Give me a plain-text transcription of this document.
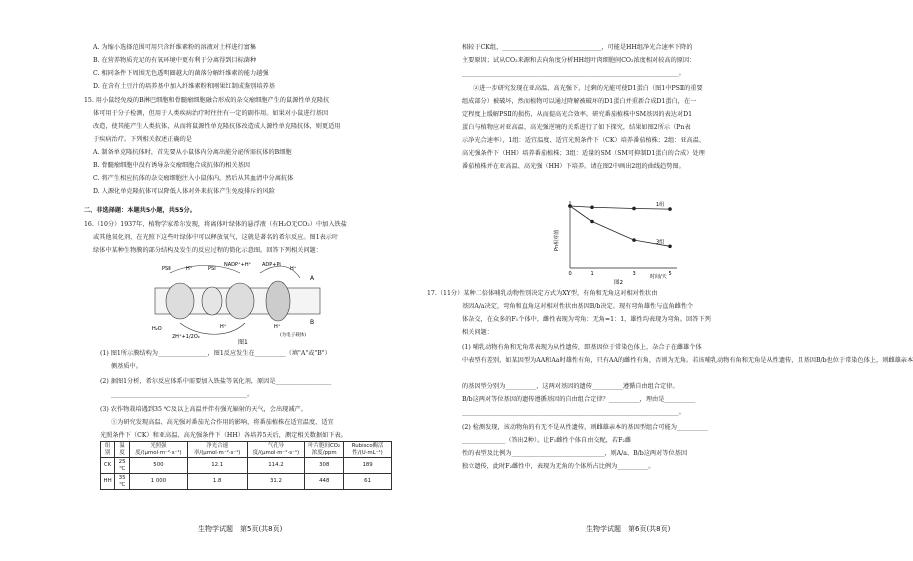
PSⅡ	H⁺	PSⅠ
NADP⁺+H⁺ ADP+Pi
H⁺
A
H₂O
2H⁺+1/2O₂
H⁺	H⁺
B
(为电子载体)
图1
组别	温度	光照强度/(μmol·m⁻²·s⁻¹)	净光合速率/(μmol·m⁻²·s⁻¹)	气孔导度/(μmol·m⁻²·s⁻¹)	叶片胞间CO₂浓度/ppm	Rubisco酶活性/(U·mL⁻¹)
CK	25 ℃	500	12.1	114.2	308	189
HH	35 ℃	1 000	1.8	31.2	448	61
Pn相对值
时间/天
图2
1组
3组
0	1	3	5
A. 为缩小选择范围可用只含纤维素粉的溶液对土样进行富集
B. 在营养物质充足的有氧环境中更有利于分离得到目标菌种
C. 相同条件下周围无色透明圈越大的菌落分解纤维素的能力越强
D. 在含有土豆汁的培养基中加入纤维素粉和刚果红制成鉴别培养基
15. 用小鼠经免疫的B淋巴细胞和骨髓瘤细胞融合形成的杂交瘤细胞产生的鼠源性单克隆抗
体可用于分子检测，但用于人类疾病治疗时往往有一定的副作用。如果对小鼠进行基因
改造，使其能产生人类抗体，从而将鼠源性单克隆抗体改造成人源性单克隆抗体，则更适用
于疾病治疗。下列相关叙述正确的是
A. 制备单克隆抗体时，首先要从小鼠体内分离出能分泌所需抗体的B细胞
B. 骨髓瘤细胞中没有诱导杂交瘤细胞合成抗体的相关基因
C. 将产生相应抗体的杂交瘤细胞注入小鼠体内，然后从其血清中分离抗体
D. 人源化单克隆抗体可以降低人体对外来抗体产生免疫排斥的风险
二、非选择题：本题共5小题，共55分。
16.（10分）1937年，植物学家希尔发现，将离体叶绿体的悬浮液（有H₂O无CO₂）中加入铁盐
或其他氧化剂，在光照下这些叶绿体中可以释放氧气，这就是著名的希尔反应。图1表示叶
绿体中某种生物膜的部分结构及发生的反应过程的简化示意图。回答下列相关问题：
(1) 图1所示膜结构为________________，图1反应发生在__________（填"A"或"B"）
侧基质中。
(2) 据图1分析，希尔反应体系中需要加入铁盐等氧化剂，原因是__________________
____________________________________________。
(3) 农作物栽培遇到35 ℃及以上高温并伴有强光辐射的天气，会出现减产。
①为研究发现高温、高光强对番茄光合作用的影响，将番茄植株在适宜温度、适宜
光照条件下（CK）和亚高温、高光强条件下（HH）各培养5天后，测定相关数据如下表。
生物学试题　第5页(共8页)
相较于CK组，________________________________，可能是HH组净光合速率下降的
主要原因；试从CO₂来源和去向角度分析HH组叶肉细胞间CO₂浓度相对较高的原因：
______________________________________________________________________。
②进一步研究发现在亚高温、高光强下，过剩的光能可使D1蛋白（图1中PSⅡ的重要
组成部分）被破坏，然而植物可以通过降解被破坏的D1蛋白并重新合成D1蛋白，在一
定程度上缓解PSⅡ的损伤，从而提高光合效率。研究番茄植株中SM基因的表达对D1
蛋白与植物应对亚高温、高光强逆境的关系进行了如下探究，结果如图2所示（Pn表
示净光合速率），1组：适宜温度、适宜光照条件下（CK）培养番茄植株；2组：亚高温、
高光强条件下（HH）培养番茄植株；3组：适量的SM（SM可抑制D1蛋白的合成）处理
番茄植株并在亚高温、高光强（HH）下培养。请在图2中画出2组的曲线趋势图。
17.（11分）某种二倍体哺乳动物性别决定方式为XY型，有角和无角这对相对性状由
基因A/a决定，弯角和直角这对相对性状由基因B/b决定。现有弯角雄性与直角雌性个
体杂交，在众多的F₁个体中，雌性表现为弯角：无角=1：1，雄性均表现为弯角。回答下列
相关问题：
(1) 哺乳动物有角和无角常表现为从性遗传，即基因位于常染色体上，杂合子在雌雄个体
中表型有差别，如某因型为AA和Aa时雄性有角，只有AA的雌性有角，否则为无角。若该哺乳动物有角和无角是从性遗传，且基因B/b也位于常染色体上，则雌雄亲本
的基因型分别为__________，这两对基因的遗传__________遵循自由组合定律。
B/b这两对等位基因的遗传遵循基因的自由组合定律？__________，理由是__________
______________________________________________________________________。
(2) 检测发现，该动物角的有无不是从性遗传，则雌雄亲本的基因型组合可能为__________
______________（答出2种）。让F₁雌性个体自由交配，若F₂雌
性的表型及比例为______________________________，则A/a、B/b这两对等位基因
独立遗传，此时F₂雌性中，表现为无角的个体所占比例为__________。
生物学试题　第6页(共8页)
